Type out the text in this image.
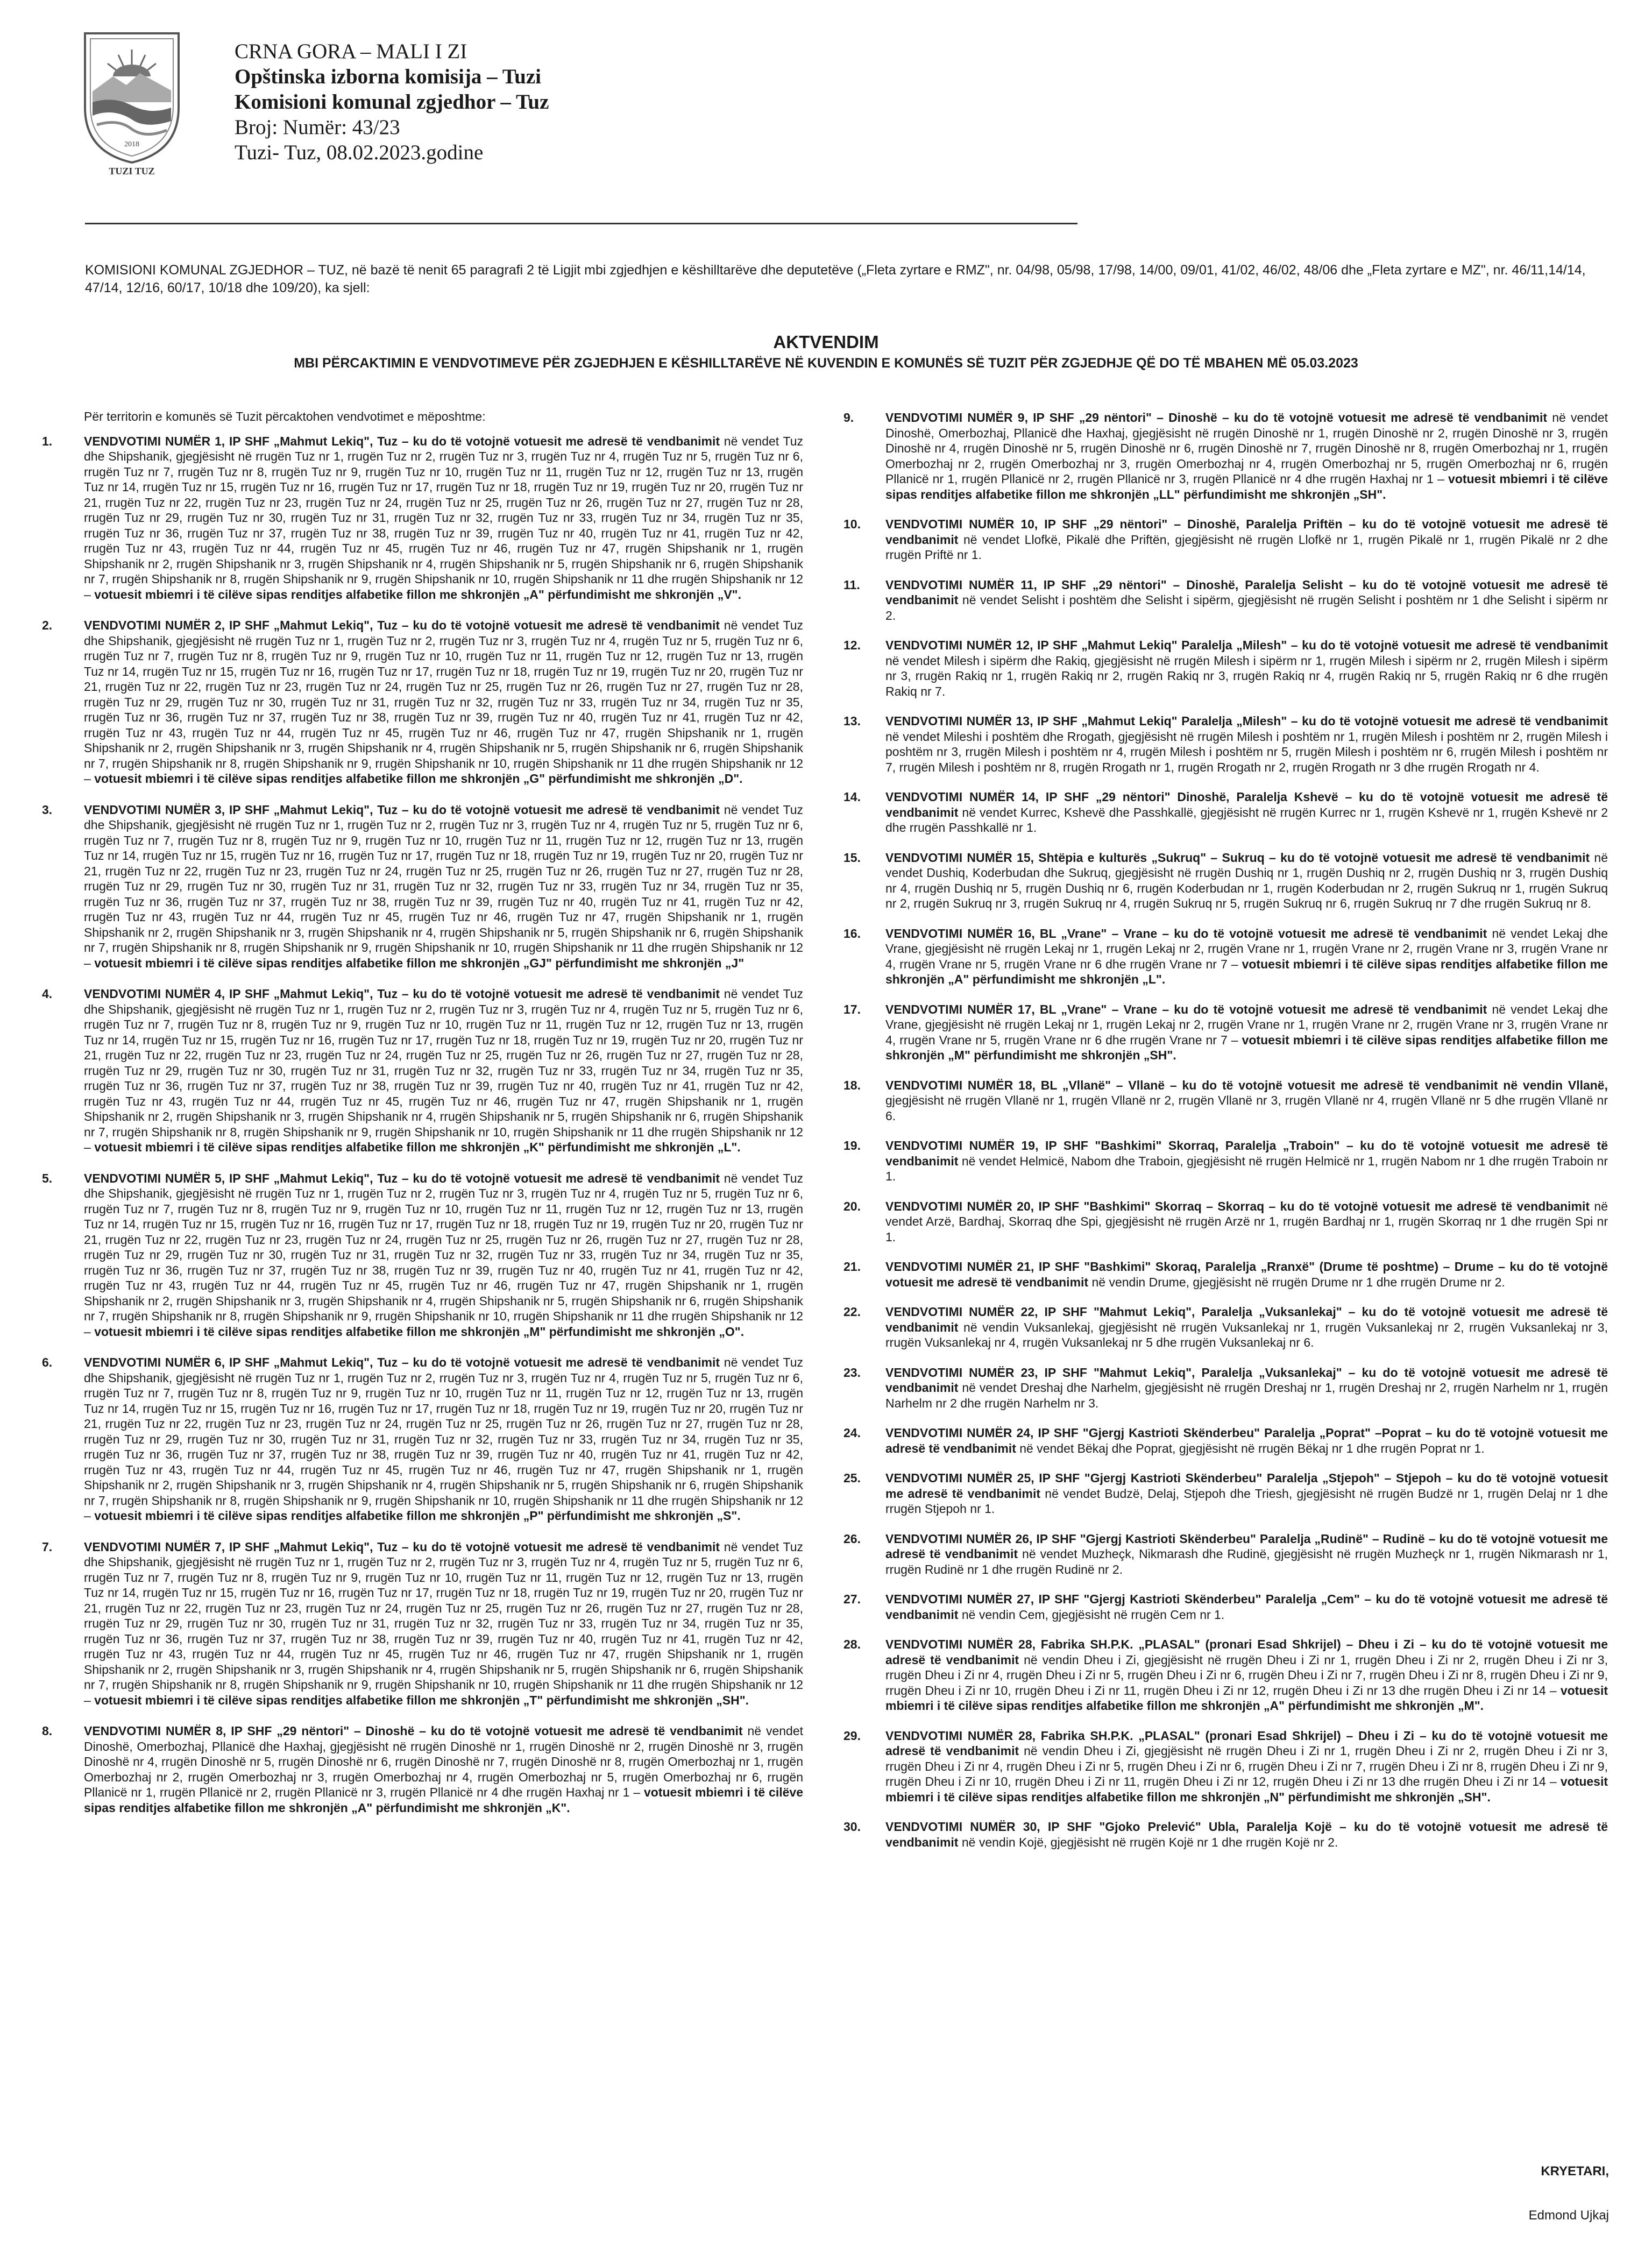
2018
TUZI TUZ
CRNA GORA – MALI I ZI
Opštinska izborna komisija – Tuzi
Komisioni komunal zgjedhor – Tuz
Broj: Numër: 43/23
Tuzi- Tuz, 08.02.2023.godine
KOMISIONI KOMUNAL ZGJEDHOR – TUZ, në bazë të nenit 65 paragrafi 2 të Ligjit mbi zgjedhjen e këshilltarëve dhe deputetëve („Fleta zyrtare e RMZ", nr. 04/98, 05/98, 17/98, 14/00, 09/01, 41/02, 46/02, 48/06 dhe „Fleta zyrtare e MZ", nr. 46/11,14/14, 47/14, 12/16, 60/17, 10/18 dhe 109/20), ka sjell:
AKTVENDIM
MBI PËRCAKTIMIN E VENDVOTIMEVE PËR ZGJEDHJEN E KËSHILLTARËVE NË KUVENDIN E KOMUNËS SË TUZIT PËR ZGJEDHJE QË DO TË MBAHEN MË 05.03.2023
Për territorin e komunës së Tuzit përcaktohen vendvotimet e mëposhtme:
1.	VENDVOTIMI NUMËR 1, IP SHF „Mahmut Lekiq", Tuz – ku do të votojnë votuesit me adresë të vendbanimit në vendet Tuz dhe Shipshanik, gjegjësisht në rrugën Tuz nr 1, rrugën Tuz nr 2, rrugën Tuz nr 3, rrugën Tuz nr 4, rrugën Tuz nr 5, rrugën Tuz nr 6, rrugën Tuz nr 7, rrugën Tuz nr 8, rrugën Tuz nr 9, rrugën Tuz nr 10, rrugën Tuz nr 11, rrugën Tuz nr 12, rrugën Tuz nr 13, rrugën Tuz nr 14, rrugën Tuz nr 15, rrugën Tuz nr 16, rrugën Tuz nr 17, rrugën Tuz nr 18, rrugën Tuz nr 19, rrugën Tuz nr 20, rrugën Tuz nr 21, rrugën Tuz nr 22, rrugën Tuz nr 23, rrugën Tuz nr 24, rrugën Tuz nr 25, rrugën Tuz nr 26, rrugën Tuz nr 27, rrugën Tuz nr 28, rrugën Tuz nr 29, rrugën Tuz nr 30, rrugën Tuz nr 31, rrugën Tuz nr 32, rrugën Tuz nr 33, rrugën Tuz nr 34, rrugën Tuz nr 35, rrugën Tuz nr 36, rrugën Tuz nr 37, rrugën Tuz nr 38, rrugën Tuz nr 39, rrugën Tuz nr 40, rrugën Tuz nr 41, rrugën Tuz nr 42, rrugën Tuz nr 43, rrugën Tuz nr 44, rrugën Tuz nr 45, rrugën Tuz nr 46, rrugën Tuz nr 47, rrugën Shipshanik nr 1, rrugën Shipshanik nr 2, rrugën Shipshanik nr 3, rrugën Shipshanik nr 4, rrugën Shipshanik nr 5, rrugën Shipshanik nr 6, rrugën Shipshanik nr 7, rrugën Shipshanik nr 8, rrugën Shipshanik nr 9, rrugën Shipshanik nr 10, rrugën Shipshanik nr 11 dhe rrugën Shipshanik nr 12 – votuesit mbiemri i të cilëve sipas renditjes alfabetike fillon me shkronjën „A" përfundimisht me shkronjën „V".
2.	VENDVOTIMI NUMËR 2, IP SHF „Mahmut Lekiq", Tuz – ku do të votojnë votuesit me adresë të vendbanimit në vendet Tuz dhe Shipshanik, gjegjësisht në rrugën Tuz nr 1, rrugën Tuz nr 2, rrugën Tuz nr 3, rrugën Tuz nr 4, rrugën Tuz nr 5, rrugën Tuz nr 6, rrugën Tuz nr 7, rrugën Tuz nr 8, rrugën Tuz nr 9, rrugën Tuz nr 10, rrugën Tuz nr 11, rrugën Tuz nr 12, rrugën Tuz nr 13, rrugën Tuz nr 14, rrugën Tuz nr 15, rrugën Tuz nr 16, rrugën Tuz nr 17, rrugën Tuz nr 18, rrugën Tuz nr 19, rrugën Tuz nr 20, rrugën Tuz nr 21, rrugën Tuz nr 22, rrugën Tuz nr 23, rrugën Tuz nr 24, rrugën Tuz nr 25, rrugën Tuz nr 26, rrugën Tuz nr 27, rrugën Tuz nr 28, rrugën Tuz nr 29, rrugën Tuz nr 30, rrugën Tuz nr 31, rrugën Tuz nr 32, rrugën Tuz nr 33, rrugën Tuz nr 34, rrugën Tuz nr 35, rrugën Tuz nr 36, rrugën Tuz nr 37, rrugën Tuz nr 38, rrugën Tuz nr 39, rrugën Tuz nr 40, rrugën Tuz nr 41, rrugën Tuz nr 42, rrugën Tuz nr 43, rrugën Tuz nr 44, rrugën Tuz nr 45, rrugën Tuz nr 46, rrugën Tuz nr 47, rrugën Shipshanik nr 1, rrugën Shipshanik nr 2, rrugën Shipshanik nr 3, rrugën Shipshanik nr 4, rrugën Shipshanik nr 5, rrugën Shipshanik nr 6, rrugën Shipshanik nr 7, rrugën Shipshanik nr 8, rrugën Shipshanik nr 9, rrugën Shipshanik nr 10, rrugën Shipshanik nr 11 dhe rrugën Shipshanik nr 12 – votuesit mbiemri i të cilëve sipas renditjes alfabetike fillon me shkronjën „G" përfundimisht me shkronjën „D".
3.	VENDVOTIMI NUMËR 3, IP SHF „Mahmut Lekiq", Tuz – ku do të votojnë votuesit me adresë të vendbanimit në vendet Tuz dhe Shipshanik, gjegjësisht në rrugën Tuz nr 1, rrugën Tuz nr 2, rrugën Tuz nr 3, rrugën Tuz nr 4, rrugën Tuz nr 5, rrugën Tuz nr 6, rrugën Tuz nr 7, rrugën Tuz nr 8, rrugën Tuz nr 9, rrugën Tuz nr 10, rrugën Tuz nr 11, rrugën Tuz nr 12, rrugën Tuz nr 13, rrugën Tuz nr 14, rrugën Tuz nr 15, rrugën Tuz nr 16, rrugën Tuz nr 17, rrugën Tuz nr 18, rrugën Tuz nr 19, rrugën Tuz nr 20, rrugën Tuz nr 21, rrugën Tuz nr 22, rrugën Tuz nr 23, rrugën Tuz nr 24, rrugën Tuz nr 25, rrugën Tuz nr 26, rrugën Tuz nr 27, rrugën Tuz nr 28, rrugën Tuz nr 29, rrugën Tuz nr 30, rrugën Tuz nr 31, rrugën Tuz nr 32, rrugën Tuz nr 33, rrugën Tuz nr 34, rrugën Tuz nr 35, rrugën Tuz nr 36, rrugën Tuz nr 37, rrugën Tuz nr 38, rrugën Tuz nr 39, rrugën Tuz nr 40, rrugën Tuz nr 41, rrugën Tuz nr 42, rrugën Tuz nr 43, rrugën Tuz nr 44, rrugën Tuz nr 45, rrugën Tuz nr 46, rrugën Tuz nr 47, rrugën Shipshanik nr 1, rrugën Shipshanik nr 2, rrugën Shipshanik nr 3, rrugën Shipshanik nr 4, rrugën Shipshanik nr 5, rrugën Shipshanik nr 6, rrugën Shipshanik nr 7, rrugën Shipshanik nr 8, rrugën Shipshanik nr 9, rrugën Shipshanik nr 10, rrugën Shipshanik nr 11 dhe rrugën Shipshanik nr 12 – votuesit mbiemri i të cilëve sipas renditjes alfabetike fillon me shkronjën „GJ" përfundimisht me shkronjën „J"
4.	VENDVOTIMI NUMËR 4, IP SHF „Mahmut Lekiq", Tuz – ku do të votojnë votuesit me adresë të vendbanimit në vendet Tuz dhe Shipshanik, gjegjësisht në rrugën Tuz nr 1, rrugën Tuz nr 2, rrugën Tuz nr 3, rrugën Tuz nr 4, rrugën Tuz nr 5, rrugën Tuz nr 6, rrugën Tuz nr 7, rrugën Tuz nr 8, rrugën Tuz nr 9, rrugën Tuz nr 10, rrugën Tuz nr 11, rrugën Tuz nr 12, rrugën Tuz nr 13, rrugën Tuz nr 14, rrugën Tuz nr 15, rrugën Tuz nr 16, rrugën Tuz nr 17, rrugën Tuz nr 18, rrugën Tuz nr 19, rrugën Tuz nr 20, rrugën Tuz nr 21, rrugën Tuz nr 22, rrugën Tuz nr 23, rrugën Tuz nr 24, rrugën Tuz nr 25, rrugën Tuz nr 26, rrugën Tuz nr 27, rrugën Tuz nr 28, rrugën Tuz nr 29, rrugën Tuz nr 30, rrugën Tuz nr 31, rrugën Tuz nr 32, rrugën Tuz nr 33, rrugën Tuz nr 34, rrugën Tuz nr 35, rrugën Tuz nr 36, rrugën Tuz nr 37, rrugën Tuz nr 38, rrugën Tuz nr 39, rrugën Tuz nr 40, rrugën Tuz nr 41, rrugën Tuz nr 42, rrugën Tuz nr 43, rrugën Tuz nr 44, rrugën Tuz nr 45, rrugën Tuz nr 46, rrugën Tuz nr 47, rrugën Shipshanik nr 1, rrugën Shipshanik nr 2, rrugën Shipshanik nr 3, rrugën Shipshanik nr 4, rrugën Shipshanik nr 5, rrugën Shipshanik nr 6, rrugën Shipshanik nr 7, rrugën Shipshanik nr 8, rrugën Shipshanik nr 9, rrugën Shipshanik nr 10, rrugën Shipshanik nr 11 dhe rrugën Shipshanik nr 12 – votuesit mbiemri i të cilëve sipas renditjes alfabetike fillon me shkronjën „K" përfundimisht me shkronjën „L".
5.	VENDVOTIMI NUMËR 5, IP SHF „Mahmut Lekiq", Tuz – ku do të votojnë votuesit me adresë të vendbanimit në vendet Tuz dhe Shipshanik, gjegjësisht në rrugën Tuz nr 1, rrugën Tuz nr 2, rrugën Tuz nr 3, rrugën Tuz nr 4, rrugën Tuz nr 5, rrugën Tuz nr 6, rrugën Tuz nr 7, rrugën Tuz nr 8, rrugën Tuz nr 9, rrugën Tuz nr 10, rrugën Tuz nr 11, rrugën Tuz nr 12, rrugën Tuz nr 13, rrugën Tuz nr 14, rrugën Tuz nr 15, rrugën Tuz nr 16, rrugën Tuz nr 17, rrugën Tuz nr 18, rrugën Tuz nr 19, rrugën Tuz nr 20, rrugën Tuz nr 21, rrugën Tuz nr 22, rrugën Tuz nr 23, rrugën Tuz nr 24, rrugën Tuz nr 25, rrugën Tuz nr 26, rrugën Tuz nr 27, rrugën Tuz nr 28, rrugën Tuz nr 29, rrugën Tuz nr 30, rrugën Tuz nr 31, rrugën Tuz nr 32, rrugën Tuz nr 33, rrugën Tuz nr 34, rrugën Tuz nr 35, rrugën Tuz nr 36, rrugën Tuz nr 37, rrugën Tuz nr 38, rrugën Tuz nr 39, rrugën Tuz nr 40, rrugën Tuz nr 41, rrugën Tuz nr 42, rrugën Tuz nr 43, rrugën Tuz nr 44, rrugën Tuz nr 45, rrugën Tuz nr 46, rrugën Tuz nr 47, rrugën Shipshanik nr 1, rrugën Shipshanik nr 2, rrugën Shipshanik nr 3, rrugën Shipshanik nr 4, rrugën Shipshanik nr 5, rrugën Shipshanik nr 6, rrugën Shipshanik nr 7, rrugën Shipshanik nr 8, rrugën Shipshanik nr 9, rrugën Shipshanik nr 10, rrugën Shipshanik nr 11 dhe rrugën Shipshanik nr 12 – votuesit mbiemri i të cilëve sipas renditjes alfabetike fillon me shkronjën „M" përfundimisht me shkronjën „O".
6.	VENDVOTIMI NUMËR 6, IP SHF „Mahmut Lekiq", Tuz – ku do të votojnë votuesit me adresë të vendbanimit në vendet Tuz dhe Shipshanik, gjegjësisht në rrugën Tuz nr 1, rrugën Tuz nr 2, rrugën Tuz nr 3, rrugën Tuz nr 4, rrugën Tuz nr 5, rrugën Tuz nr 6, rrugën Tuz nr 7, rrugën Tuz nr 8, rrugën Tuz nr 9, rrugën Tuz nr 10, rrugën Tuz nr 11, rrugën Tuz nr 12, rrugën Tuz nr 13, rrugën Tuz nr 14, rrugën Tuz nr 15, rrugën Tuz nr 16, rrugën Tuz nr 17, rrugën Tuz nr 18, rrugën Tuz nr 19, rrugën Tuz nr 20, rrugën Tuz nr 21, rrugën Tuz nr 22, rrugën Tuz nr 23, rrugën Tuz nr 24, rrugën Tuz nr 25, rrugën Tuz nr 26, rrugën Tuz nr 27, rrugën Tuz nr 28, rrugën Tuz nr 29, rrugën Tuz nr 30, rrugën Tuz nr 31, rrugën Tuz nr 32, rrugën Tuz nr 33, rrugën Tuz nr 34, rrugën Tuz nr 35, rrugën Tuz nr 36, rrugën Tuz nr 37, rrugën Tuz nr 38, rrugën Tuz nr 39, rrugën Tuz nr 40, rrugën Tuz nr 41, rrugën Tuz nr 42, rrugën Tuz nr 43, rrugën Tuz nr 44, rrugën Tuz nr 45, rrugën Tuz nr 46, rrugën Tuz nr 47, rrugën Shipshanik nr 1, rrugën Shipshanik nr 2, rrugën Shipshanik nr 3, rrugën Shipshanik nr 4, rrugën Shipshanik nr 5, rrugën Shipshanik nr 6, rrugën Shipshanik nr 7, rrugën Shipshanik nr 8, rrugën Shipshanik nr 9, rrugën Shipshanik nr 10, rrugën Shipshanik nr 11 dhe rrugën Shipshanik nr 12 – votuesit mbiemri i të cilëve sipas renditjes alfabetike fillon me shkronjën „P" përfundimisht me shkronjën „S".
7.	VENDVOTIMI NUMËR 7, IP SHF „Mahmut Lekiq", Tuz – ku do të votojnë votuesit me adresë të vendbanimit në vendet Tuz dhe Shipshanik, gjegjësisht në rrugën Tuz nr 1, rrugën Tuz nr 2, rrugën Tuz nr 3, rrugën Tuz nr 4, rrugën Tuz nr 5, rrugën Tuz nr 6, rrugën Tuz nr 7, rrugën Tuz nr 8, rrugën Tuz nr 9, rrugën Tuz nr 10, rrugën Tuz nr 11, rrugën Tuz nr 12, rrugën Tuz nr 13, rrugën Tuz nr 14, rrugën Tuz nr 15, rrugën Tuz nr 16, rrugën Tuz nr 17, rrugën Tuz nr 18, rrugën Tuz nr 19, rrugën Tuz nr 20, rrugën Tuz nr 21, rrugën Tuz nr 22, rrugën Tuz nr 23, rrugën Tuz nr 24, rrugën Tuz nr 25, rrugën Tuz nr 26, rrugën Tuz nr 27, rrugën Tuz nr 28, rrugën Tuz nr 29, rrugën Tuz nr 30, rrugën Tuz nr 31, rrugën Tuz nr 32, rrugën Tuz nr 33, rrugën Tuz nr 34, rrugën Tuz nr 35, rrugën Tuz nr 36, rrugën Tuz nr 37, rrugën Tuz nr 38, rrugën Tuz nr 39, rrugën Tuz nr 40, rrugën Tuz nr 41, rrugën Tuz nr 42, rrugën Tuz nr 43, rrugën Tuz nr 44, rrugën Tuz nr 45, rrugën Tuz nr 46, rrugën Tuz nr 47, rrugën Shipshanik nr 1, rrugën Shipshanik nr 2, rrugën Shipshanik nr 3, rrugën Shipshanik nr 4, rrugën Shipshanik nr 5, rrugën Shipshanik nr 6, rrugën Shipshanik nr 7, rrugën Shipshanik nr 8, rrugën Shipshanik nr 9, rrugën Shipshanik nr 10, rrugën Shipshanik nr 11 dhe rrugën Shipshanik nr 12 – votuesit mbiemri i të cilëve sipas renditjes alfabetike fillon me shkronjën „T" përfundimisht me shkronjën „SH".
8.	VENDVOTIMI NUMËR 8, IP SHF „29 nëntori" – Dinoshë – ku do të votojnë votuesit me adresë të vendbanimit në vendet Dinoshë, Omerbozhaj, Pllanicë dhe Haxhaj, gjegjësisht në rrugën Dinoshë nr 1, rrugën Dinoshë nr 2, rrugën Dinoshë nr 3, rrugën Dinoshë nr 4, rrugën Dinoshë nr 5, rrugën Dinoshë nr 6, rrugën Dinoshë nr 7, rrugën Dinoshë nr 8, rrugën Omerbozhaj nr 1, rrugën Omerbozhaj nr 2, rrugën Omerbozhaj nr 3, rrugën Omerbozhaj nr 4, rrugën Omerbozhaj nr 5, rrugën Omerbozhaj nr 6, rrugën Pllanicë nr 1, rrugën Pllanicë nr 2, rrugën Pllanicë nr 3, rrugën Pllanicë nr 4 dhe rrugën Haxhaj nr 1 – votuesit mbiemri i të cilëve sipas renditjes alfabetike fillon me shkronjën „A" përfundimisht me shkronjën „K".
9.	VENDVOTIMI NUMËR 9, IP SHF „29 nëntori" – Dinoshë – ku do të votojnë votuesit me adresë të vendbanimit në vendet Dinoshë, Omerbozhaj, Pllanicë dhe Haxhaj, gjegjësisht në rrugën Dinoshë nr 1, rrugën Dinoshë nr 2, rrugën Dinoshë nr 3, rrugën Dinoshë nr 4, rrugën Dinoshë nr 5, rrugën Dinoshë nr 6, rrugën Dinoshë nr 7, rrugën Dinoshë nr 8, rrugën Omerbozhaj nr 1, rrugën Omerbozhaj nr 2, rrugën Omerbozhaj nr 3, rrugën Omerbozhaj nr 4, rrugën Omerbozhaj nr 5, rrugën Omerbozhaj nr 6, rrugën Pllanicë nr 1, rrugën Pllanicë nr 2, rrugën Pllanicë nr 3, rrugën Pllanicë nr 4 dhe rrugën Haxhaj nr 1 – votuesit mbiemri i të cilëve sipas renditjes alfabetike fillon me shkronjën „LL" përfundimisht me shkronjën „SH".
10. VENDVOTIMI NUMËR 10, IP SHF „29 nëntori" – Dinoshë, Paralelja Priftën – ku do të votojnë votuesit me adresë të vendbanimit në vendet Llofkë, Pikalë dhe Priftën, gjegjësisht në rrugën Llofkë nr 1, rrugën Pikalë nr 1, rrugën Pikalë nr 2 dhe rrugën Priftë nr 1.
11. VENDVOTIMI NUMËR 11, IP SHF „29 nëntori" – Dinoshë, Paralelja Selisht – ku do të votojnë votuesit me adresë të vendbanimit në vendet Selisht i poshtëm dhe Selisht i sipërm, gjegjësisht në rrugën Selisht i poshtëm nr 1 dhe Selisht i sipërm nr 2.
12. VENDVOTIMI NUMËR 12, IP SHF „Mahmut Lekiq" Paralelja „Milesh" – ku do të votojnë votuesit me adresë të vendbanimit në vendet Milesh i sipërm dhe Rakiq, gjegjësisht në rrugën Milesh i sipërm nr 1, rrugën Milesh i sipërm nr 2, rrugën Milesh i sipërm nr 3, rrugën Rakiq nr 1, rrugën Rakiq nr 2, rrugën Rakiq nr 3, rrugën Rakiq nr 4, rrugën Rakiq nr 5, rrugën Rakiq nr 6 dhe rrugën Rakiq nr 7.
13. VENDVOTIMI NUMËR 13, IP SHF „Mahmut Lekiq" Paralelja „Milesh" – ku do të votojnë votuesit me adresë të vendbanimit në vendet Mileshi i poshtëm dhe Rrogath, gjegjësisht në rrugën Milesh i poshtëm nr 1, rrugën Milesh i poshtëm nr 2, rrugën Milesh i poshtëm nr 3, rrugën Milesh i poshtëm nr 4, rrugën Milesh i poshtëm nr 5, rrugën Milesh i poshtëm nr 6, rrugën Milesh i poshtëm nr 7, rrugën Milesh i poshtëm nr 8, rrugën Rrogath nr 1, rrugën Rrogath nr 2, rrugën Rrogath nr 3 dhe rrugën Rrogath nr 4.
14. VENDVOTIMI NUMËR 14, IP SHF „29 nëntori" Dinoshë, Paralelja Kshevë – ku do të votojnë votuesit me adresë të vendbanimit në vendet Kurrec, Kshevë dhe Passhkallë, gjegjësisht në rrugën Kurrec nr 1, rrugën Kshevë nr 1, rrugën Kshevë nr 2 dhe rrugën Passhkallë nr 1.
15. VENDVOTIMI NUMËR 15, Shtëpia e kulturës „Sukruq" – Sukruq – ku do të votojnë votuesit me adresë të vendbanimit në vendet Dushiq, Koderbudan dhe Sukruq, gjegjësisht në rrugën Dushiq nr 1, rrugën Dushiq nr 2, rrugën Dushiq nr 3, rrugën Dushiq nr 4, rrugën Dushiq nr 5, rrugën Dushiq nr 6, rrugën Koderbudan nr 1, rrugën Koderbudan nr 2, rrugën Sukruq nr 1, rrugën Sukruq nr 2, rrugën Sukruq nr 3, rrugën Sukruq nr 4, rrugën Sukruq nr 5, rrugën Sukruq nr 6, rrugën Sukruq nr 7 dhe rrugën Sukruq nr 8.
16. VENDVOTIMI NUMËR 16, BL „Vrane" – Vrane – ku do të votojnë votuesit me adresë të vendbanimit në vendet Lekaj dhe Vrane, gjegjësisht në rrugën Lekaj nr 1, rrugën Lekaj nr 2, rrugën Vrane nr 1, rrugën Vrane nr 2, rrugën Vrane nr 3, rrugën Vrane nr 4, rrugën Vrane nr 5, rrugën Vrane nr 6 dhe rrugën Vrane nr 7 – votuesit mbiemri i të cilëve sipas renditjes alfabetike fillon me shkronjën „A" përfundimisht me shkronjën „L".
17. VENDVOTIMI NUMËR 17, BL „Vrane" – Vrane – ku do të votojnë votuesit me adresë të vendbanimit në vendet Lekaj dhe Vrane, gjegjësisht në rrugën Lekaj nr 1, rrugën Lekaj nr 2, rrugën Vrane nr 1, rrugën Vrane nr 2, rrugën Vrane nr 3, rrugën Vrane nr 4, rrugën Vrane nr 5, rrugën Vrane nr 6 dhe rrugën Vrane nr 7 – votuesit mbiemri i të cilëve sipas renditjes alfabetike fillon me shkronjën „M" përfundimisht me shkronjën „SH".
18. VENDVOTIMI NUMËR 18, BL „Vllanë" – Vllanë – ku do të votojnë votuesit me adresë të vendbanimit në vendin Vllanë, gjegjësisht në rrugën Vllanë nr 1, rrugën Vllanë nr 2, rrugën Vllanë nr 3, rrugën Vllanë nr 4, rrugën Vllanë nr 5 dhe rrugën Vllanë nr 6.
19. VENDVOTIMI NUMËR 19, IP SHF "Bashkimi" Skorraq, Paralelja „Traboin" – ku do të votojnë votuesit me adresë të vendbanimit në vendet Helmicë, Nabom dhe Traboin, gjegjësisht në rrugën Helmicë nr 1, rrugën Nabom nr 1 dhe rrugën Traboin nr 1.
20. VENDVOTIMI NUMËR 20, IP SHF "Bashkimi" Skorraq – Skorraq – ku do të votojnë votuesit me adresë të vendbanimit në vendet Arzë, Bardhaj, Skorraq dhe Spi, gjegjësisht në rrugën Arzë nr 1, rrugën Bardhaj nr 1, rrugën Skorraq nr 1 dhe rrugën Spi nr 1.
21. VENDVOTIMI NUMËR 21, IP SHF "Bashkimi" Skoraq, Paralelja „Rranxë" (Drume të poshtme) – Drume – ku do të votojnë votuesit me adresë të vendbanimit në vendin Drume, gjegjësisht në rrugën Drume nr 1 dhe rrugën Drume nr 2.
22. VENDVOTIMI NUMËR 22, IP SHF "Mahmut Lekiq", Paralelja „Vuksanlekaj" – ku do të votojnë votuesit me adresë të vendbanimit në vendin Vuksanlekaj, gjegjësisht në rrugën Vuksanlekaj nr 1, rrugën Vuksanlekaj nr 2, rrugën Vuksanlekaj nr 3, rrugën Vuksanlekaj nr 4, rrugën Vuksanlekaj nr 5 dhe rrugën Vuksanlekaj nr 6.
23. VENDVOTIMI NUMËR 23, IP SHF "Mahmut Lekiq", Paralelja „Vuksanlekaj" – ku do të votojnë votuesit me adresë të vendbanimit në vendet Dreshaj dhe Narhelm, gjegjësisht në rrugën Dreshaj nr 1, rrugën Dreshaj nr 2, rrugën Narhelm nr 1, rrugën Narhelm nr 2 dhe rrugën Narhelm nr 3.
24. VENDVOTIMI NUMËR 24, IP SHF "Gjergj Kastrioti Skënderbeu" Paralelja „Poprat" –Poprat – ku do të votojnë votuesit me adresë të vendbanimit në vendet Bëkaj dhe Poprat, gjegjësisht në rrugën Bëkaj nr 1 dhe rrugën Poprat nr 1.
25. VENDVOTIMI NUMËR 25, IP SHF "Gjergj Kastrioti Skënderbeu" Paralelja „Stjepoh" – Stjepoh – ku do të votojnë votuesit me adresë të vendbanimit në vendet Budzë, Delaj, Stjepoh dhe Triesh, gjegjësisht në rrugën Budzë nr 1, rrugën Delaj nr 1 dhe rrugën Stjepoh nr 1.
26. VENDVOTIMI NUMËR 26, IP SHF "Gjergj Kastrioti Skënderbeu" Paralelja „Rudinë" – Rudinë – ku do të votojnë votuesit me adresë të vendbanimit në vendet Muzheçk, Nikmarash dhe Rudinë, gjegjësisht në rrugën Muzheçk nr 1, rrugën Nikmarash nr 1, rrugën Rudinë nr 1 dhe rrugën Rudinë nr 2.
27. VENDVOTIMI NUMËR 27, IP SHF "Gjergj Kastrioti Skënderbeu" Paralelja „Cem" – ku do të votojnë votuesit me adresë të vendbanimit në vendin Cem, gjegjësisht në rrugën Cem nr 1.
28. VENDVOTIMI NUMËR 28, Fabrika SH.P.K. „PLASAL" (pronari Esad Shkrijel) – Dheu i Zi – ku do të votojnë votuesit me adresë të vendbanimit në vendin Dheu i Zi, gjegjësisht në rrugën Dheu i Zi nr 1, rrugën Dheu i Zi nr 2, rrugën Dheu i Zi nr 3, rrugën Dheu i Zi nr 4, rrugën Dheu i Zi nr 5, rrugën Dheu i Zi nr 6, rrugën Dheu i Zi nr 7, rrugën Dheu i Zi nr 8, rrugën Dheu i Zi nr 9, rrugën Dheu i Zi nr 10, rrugën Dheu i Zi nr 11, rrugën Dheu i Zi nr 12, rrugën Dheu i Zi nr 13 dhe rrugën Dheu i Zi nr 14 – votuesit mbiemri i të cilëve sipas renditjes alfabetike fillon me shkronjën „A" përfundimisht me shkronjën „M".
29. VENDVOTIMI NUMËR 28, Fabrika SH.P.K. „PLASAL" (pronari Esad Shkrijel) – Dheu i Zi – ku do të votojnë votuesit me adresë të vendbanimit në vendin Dheu i Zi, gjegjësisht në rrugën Dheu i Zi nr 1, rrugën Dheu i Zi nr 2, rrugën Dheu i Zi nr 3, rrugën Dheu i Zi nr 4, rrugën Dheu i Zi nr 5, rrugën Dheu i Zi nr 6, rrugën Dheu i Zi nr 7, rrugën Dheu i Zi nr 8, rrugën Dheu i Zi nr 9, rrugën Dheu i Zi nr 10, rrugën Dheu i Zi nr 11, rrugën Dheu i Zi nr 12, rrugën Dheu i Zi nr 13 dhe rrugën Dheu i Zi nr 14 – votuesit mbiemri i të cilëve sipas renditjes alfabetike fillon me shkronjën „N" përfundimisht me shkronjën „SH".
30. VENDVOTIMI NUMËR 30, IP SHF "Gjoko Prelević" Ubla, Paralelja Kojë – ku do të votojnë votuesit me adresë të vendbanimit në vendin Kojë, gjegjësisht në rrugën Kojë nr 1 dhe rrugën Kojë nr 2.
KRYETARI,
Edmond Ujkaj
